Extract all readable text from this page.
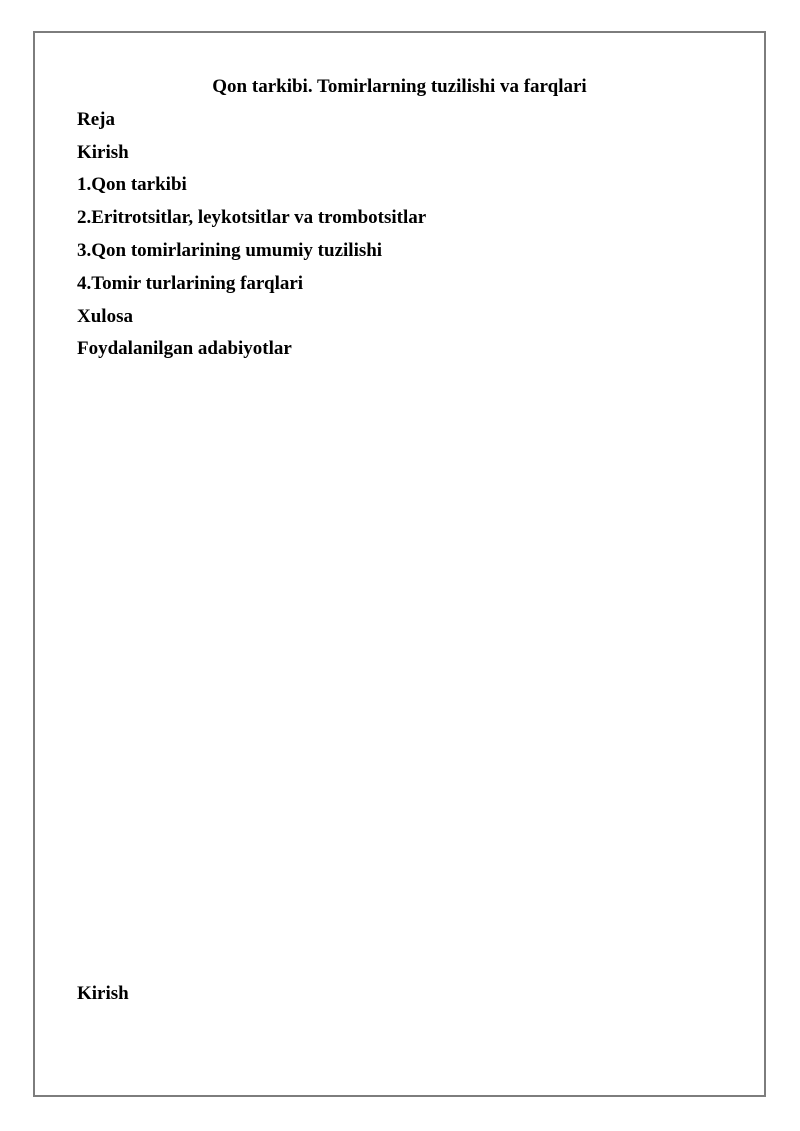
Qon tarkibi. Tomirlarning tuzilishi va farqlari
Reja
Kirish
1.Qon tarkibi
2.Eritrotsitlar, leykotsitlar va trombotsitlar
3.Qon tomirlarining umumiy tuzilishi
4.Tomir turlarining farqlari
Xulosa
Foydalanilgan adabiyotlar
Kirish
